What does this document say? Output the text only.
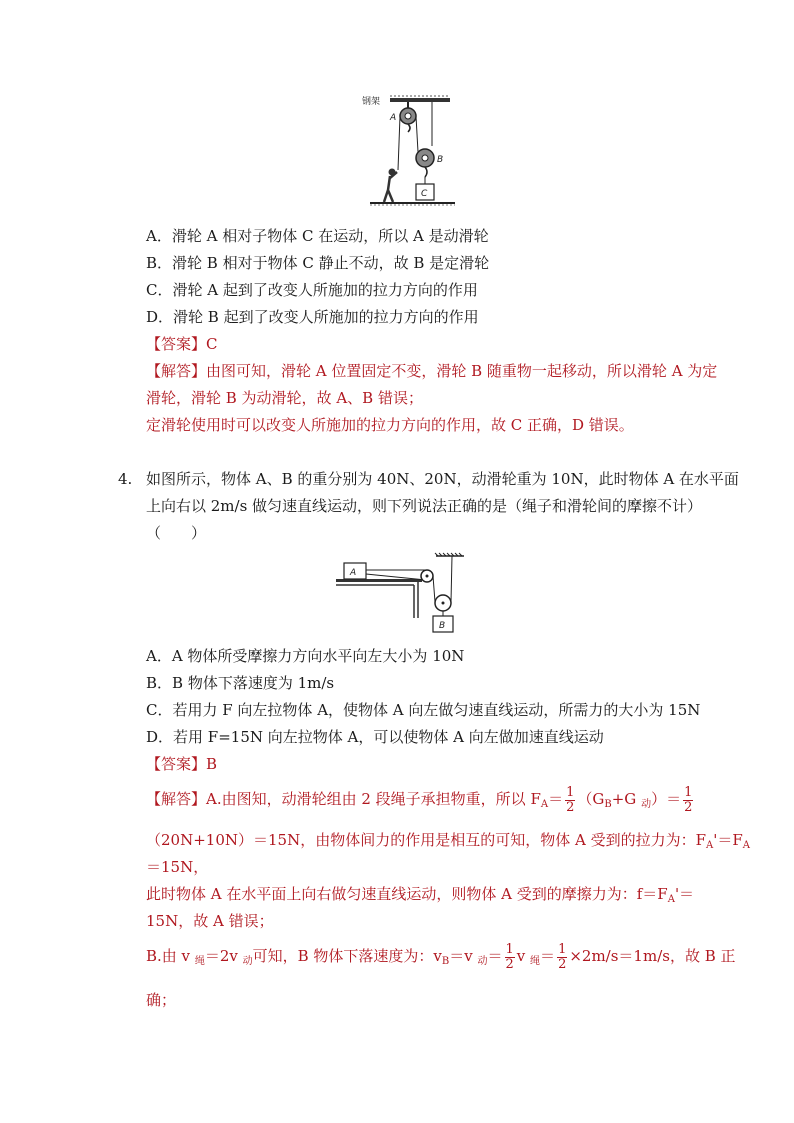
钢架
A
B
C
A．滑轮 A 相对子物体 C 在运动，所以 A 是动滑轮
B．滑轮 B 相对于物体 C 静止不动，故 B 是定滑轮
C．滑轮 A 起到了改变人所施加的拉力方向的作用
D．滑轮 B 起到了改变人所施加的拉力方向的作用
【答案】C
【解答】由图可知，滑轮 A 位置固定不变，滑轮 B 随重物一起移动，所以滑轮 A 为定
滑轮，滑轮 B 为动滑轮，故 A、B 错误；
定滑轮使用时可以改变人所施加的拉力方向的作用，故 C 正确，D 错误。
4. 如图所示，物体 A、B 的重分别为 40N、20N，动滑轮重为 10N，此时物体 A 在水平面
上向右以 2m/s 做匀速直线运动，则下列说法正确的是（绳子和滑轮间的摩擦不计）
（　　）
A
B
A．A 物体所受摩擦力方向水平向左大小为 10N
B．B 物体下落速度为 1m/s
C．若用力 F 向左拉物体 A，使物体 A 向左做匀速直线运动，所需力的大小为 15N
D．若用 F=15N 向左拉物体 A，可以使物体 A 向左做加速直线运动
【答案】B
【解答】A.由图知，动滑轮组由 2 段绳子承担物重，所以 $F_A= \frac{1}{2} (G_B+G$ $_动)= \frac{1}{2}$
（20N+10N）＝15N，由物体间力的作用是相互的可知，物体 A 受到的拉力为：$F_A'=F_A$
＝15N，
此时物体 A 在水平面上向右做匀速直线运动，则物体 A 受到的摩擦力为：$f=F_A'=$
15N，故 A 错误；
B.由 v $_绳$＝2v $_动$可知，B 物体下落速度为：$v_B=v$ $_动= \frac{1}{2}$ v $_绳= \frac{1}{2} \times 2m/s=1m/s$，故 B 正
确；
